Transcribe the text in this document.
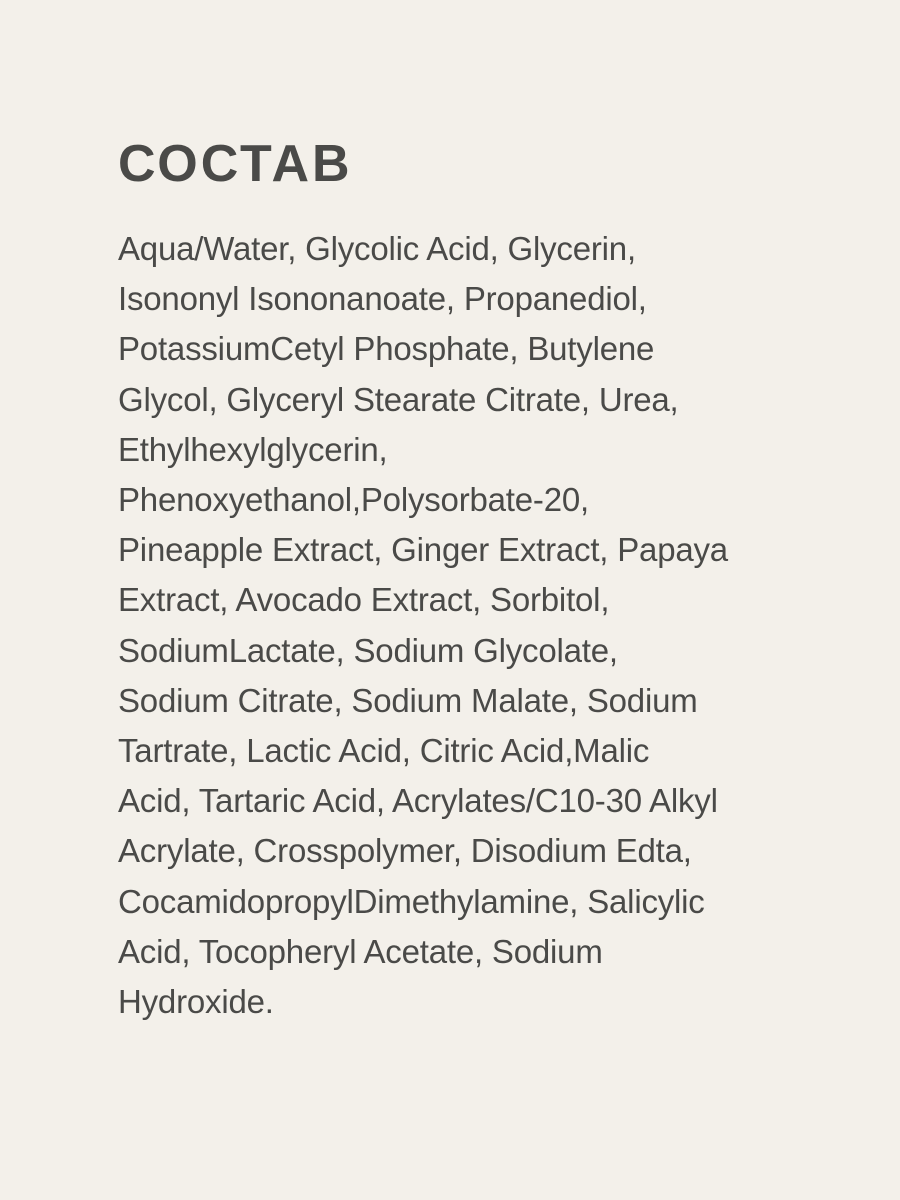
СОСТАВ
Aqua/Water, Glycolic Acid, Glycerin,
Isononyl Isononanoate, Propanediol,
PotassiumCetyl Phosphate, Butylene
Glycol, Glyceryl Stearate Citrate, Urea,
Ethylhexylglycerin,
Phenoxyethanol,Polysorbate-20,
Pineapple Extract, Ginger Extract, Papaya
Extract, Avocado Extract, Sorbitol,
SodiumLactate, Sodium Glycolate,
Sodium Citrate, Sodium Malate, Sodium
Tartrate, Lactic Acid, Citric Acid,Malic
Acid, Tartaric Acid, Acrylates/C10-30 Alkyl
Acrylate, Crosspolymer, Disodium Edta,
CocamidopropylDimethylamine, Salicylic
Acid, Tocopheryl Acetate, Sodium
Hydroxide.
